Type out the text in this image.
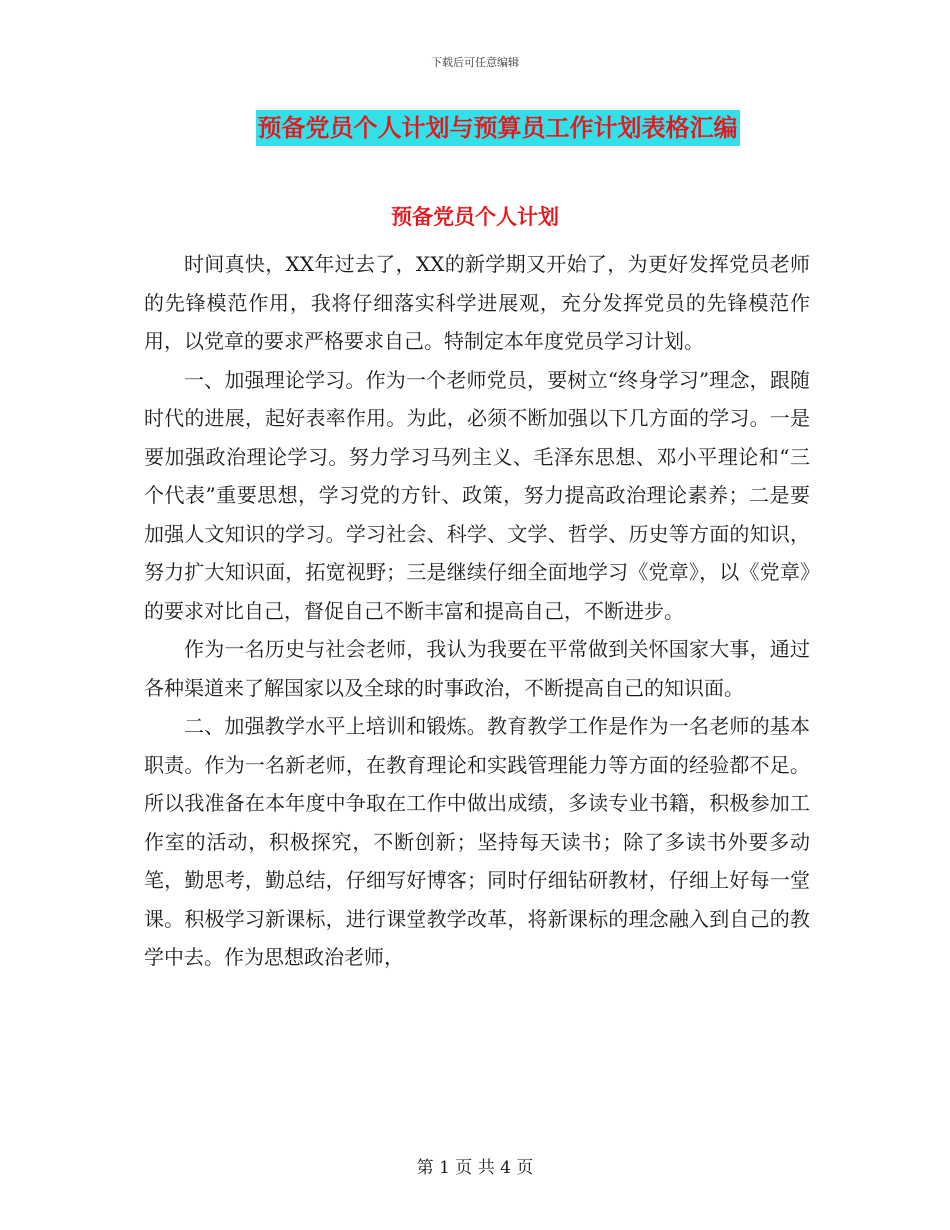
下载后可任意编辑
预备党员个人计划与预算员工作计划表格汇编
预备党员个人计划

时间真快，XX年过去了，XX的新学期又开始了，为更好发挥党员老师的先锋模范作用，我将仔细落实科学进展观，充分发挥党员的先锋模范作用，以党章的要求严格要求自己。特制定本年度党员学习计划。

一、加强理论学习。作为一个老师党员，要树立“终身学习”理念，跟随时代的进展，起好表率作用。为此，必须不断加强以下几方面的学习。一是要加强政治理论学习。努力学习马列主义、毛泽东思想、邓小平理论和“三个代表”重要思想，学习党的方针、政策，努力提高政治理论素养；二是要加强人文知识的学习。学习社会、科学、文学、哲学、历史等方面的知识，努力扩大知识面，拓宽视野；三是继续仔细全面地学习《党章》，以《党章》的要求对比自己，督促自己不断丰富和提高自己，不断进步。

作为一名历史与社会老师，我认为我要在平常做到关怀国家大事，通过各种渠道来了解国家以及全球的时事政治，不断提高自己的知识面。

二、加强教学水平上培训和锻炼。教育教学工作是作为一名老师的基本职责。作为一名新老师，在教育理论和实践管理能力等方面的经验都不足。所以我准备在本年度中争取在工作中做出成绩，多读专业书籍，积极参加工作室的活动，积极探究，不断创新；坚持每天读书；除了多读书外要多动笔，勤思考，勤总结，仔细写好博客；同时仔细钻研教材，仔细上好每一堂课。积极学习新课标，进行课堂教学改革，将新课标的理念融入到自己的教学中去。作为思想政治老师，

第 1 页 共 4 页
